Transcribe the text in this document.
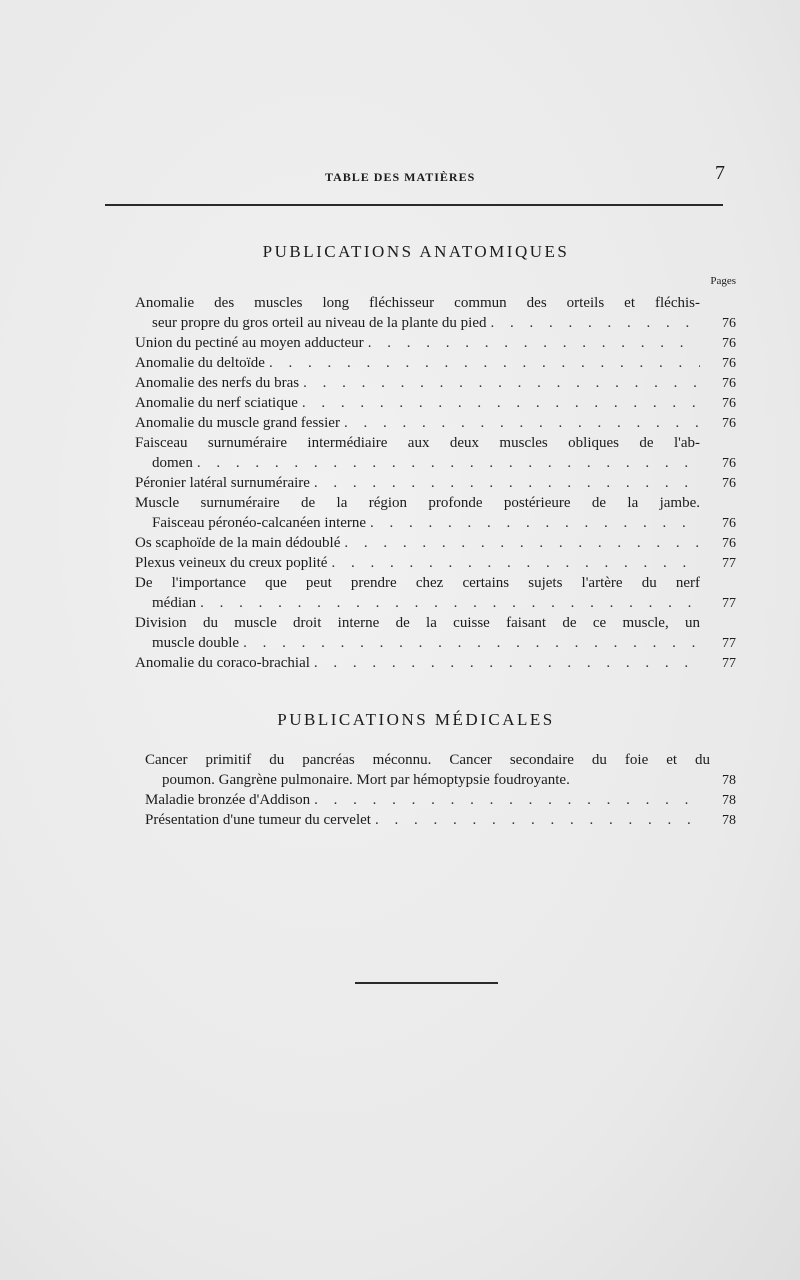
TABLE DES MATIÈRES	7
PUBLICATIONS ANATOMIQUES
Pages
Anomalie des muscles long fléchisseur commun des orteils et fléchis-
seur propre du gros orteil au niveau de la plante du pied . . .	76
Union du pectiné au moyen adducteur . . .	76
Anomalie du deltoïde . . .	76
Anomalie des nerfs du bras . . .	76
Anomalie du nerf sciatique . . .	76
Anomalie du muscle grand fessier . . .	76
Faisceau surnuméraire intermédiaire aux deux muscles obliques de l'ab-
domen . . .	76
Péronier latéral surnuméraire . . .	76
Muscle surnuméraire de la région profonde postérieure de la jambe.
Faisceau péronéo-calcanéen interne . . .	76
Os scaphoïde de la main dédoublé . . .	76
Plexus veineux du creux poplité . . .	77
De l'importance que peut prendre chez certains sujets l'artère du nerf
médian . . .	77
Division du muscle droit interne de la cuisse faisant de ce muscle, un
muscle double . . .	77
Anomalie du coraco-brachial . . .	77
PUBLICATIONS MÉDICALES
Cancer primitif du pancréas méconnu. Cancer secondaire du foie et du
poumon. Gangrène pulmonaire. Mort par hémoptypsie foudroyante.	78
Maladie bronzée d'Addison . . .	78
Présentation d'une tumeur du cervelet . . .	78
